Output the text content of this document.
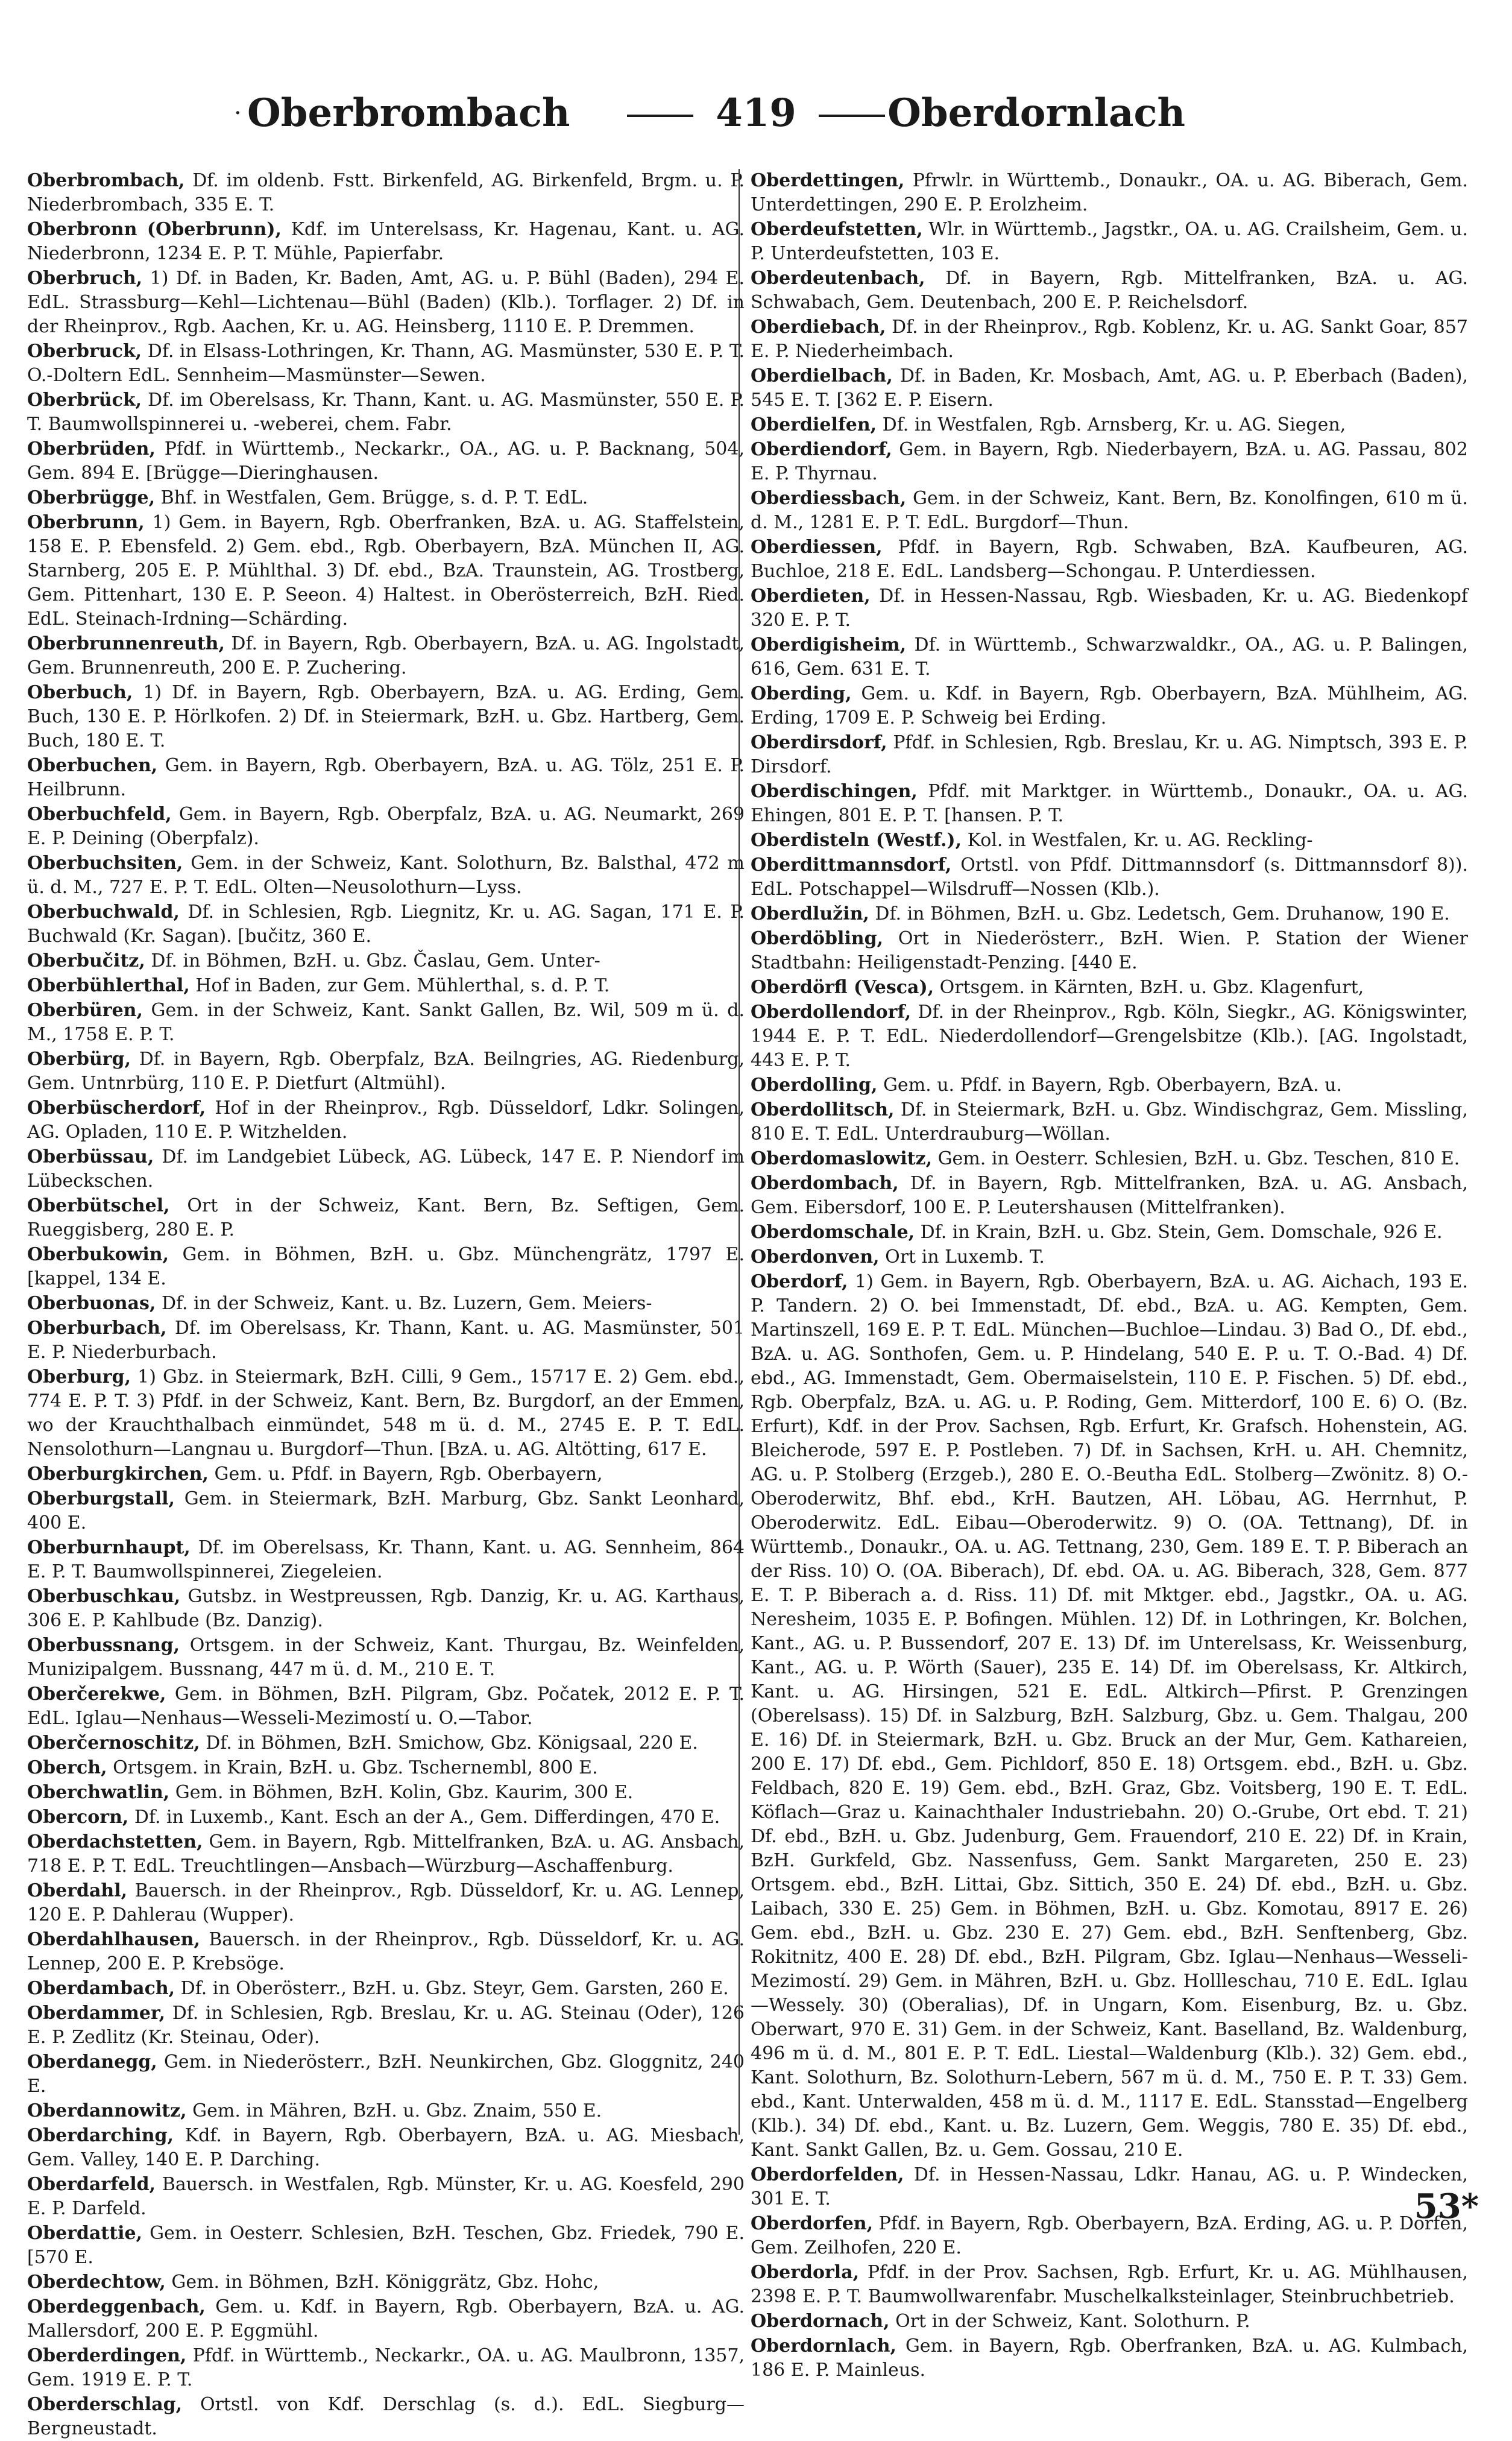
· Oberbrombach	419	Oberdornlach

Oberbrombach, Df. im oldenb. Fstt. Birkenfeld, AG. Birkenfeld, Brgm. u. P. Niederbrombach, 335 E. T.

Oberbronn (Oberbrunn), Kdf. im Unterelsass, Kr. Hagenau, Kant. u. AG. Niederbronn, 1234 E. P. T. Mühle, Papierfabr.

Oberbruch, 1) Df. in Baden, Kr. Baden, Amt, AG. u. P. Bühl (Baden), 294 E. EdL. Strassburg—Kehl—Lichtenau—Bühl (Baden) (Klb.). Torflager. 2) Df. in der Rheinprov., Rgb. Aachen, Kr. u. AG. Heinsberg, 1110 E. P. Dremmen.

Oberbruck, Df. in Elsass-Lothringen, Kr. Thann, AG. Masmünster, 530 E. P. T. O.-Doltern EdL. Sennheim—Masmünster—Sewen.

Oberbrück, Df. im Oberelsass, Kr. Thann, Kant. u. AG. Masmünster, 550 E. P. T. Baumwollspinnerei u. -weberei, chem. Fabr.

Oberbrüden, Pfdf. in Württemb., Neckarkr., OA., AG. u. P. Backnang, 504, Gem. 894 E. [Brügge—Dieringhausen.

Oberbrügge, Bhf. in Westfalen, Gem. Brügge, s. d. P. T. EdL.

Oberbrunn, 1) Gem. in Bayern, Rgb. Oberfranken, BzA. u. AG. Staffelstein, 158 E. P. Ebensfeld. 2) Gem. ebd., Rgb. Oberbayern, BzA. München II, AG. Starnberg, 205 E. P. Mühlthal. 3) Df. ebd., BzA. Traunstein, AG. Trostberg, Gem. Pittenhart, 130 E. P. Seeon. 4) Haltest. in Oberösterreich, BzH. Ried. EdL. Steinach-Irdning—Schärding.

Oberbrunnenreuth, Df. in Bayern, Rgb. Oberbayern, BzA. u. AG. Ingolstadt, Gem. Brunnenreuth, 200 E. P. Zuchering.

Oberbuch, 1) Df. in Bayern, Rgb. Oberbayern, BzA. u. AG. Erding, Gem. Buch, 130 E. P. Hörlkofen. 2) Df. in Steiermark, BzH. u. Gbz. Hartberg, Gem. Buch, 180 E. T.

Oberbuchen, Gem. in Bayern, Rgb. Oberbayern, BzA. u. AG. Tölz, 251 E. P. Heilbrunn.

Oberbuchfeld, Gem. in Bayern, Rgb. Oberpfalz, BzA. u. AG. Neumarkt, 269 E. P. Deining (Oberpfalz).

Oberbuchsiten, Gem. in der Schweiz, Kant. Solothurn, Bz. Balsthal, 472 m ü. d. M., 727 E. P. T. EdL. Olten—Neusolothurn—Lyss.

Oberbuchwald, Df. in Schlesien, Rgb. Liegnitz, Kr. u. AG. Sagan, 171 E. P. Buchwald (Kr. Sagan). [bučitz, 360 E.

Oberbučitz, Df. in Böhmen, BzH. u. Gbz. Časlau, Gem. Unter-

Oberbühlerthal, Hof in Baden, zur Gem. Mühlerthal, s. d. P. T.

Oberbüren, Gem. in der Schweiz, Kant. Sankt Gallen, Bz. Wil, 509 m ü. d. M., 1758 E. P. T.

Oberbürg, Df. in Bayern, Rgb. Oberpfalz, BzA. Beilngries, AG. Riedenburg, Gem. Untnrbürg, 110 E. P. Dietfurt (Altmühl).

Oberbüscherdorf, Hof in der Rheinprov., Rgb. Düsseldorf, Ldkr. Solingen, AG. Opladen, 110 E. P. Witzhelden.

Oberbüssau, Df. im Landgebiet Lübeck, AG. Lübeck, 147 E. P. Niendorf im Lübeckschen.

Oberbütschel, Ort in der Schweiz, Kant. Bern, Bz. Seftigen, Gem. Rueggisberg, 280 E. P.

Oberbukowin, Gem. in Böhmen, BzH. u. Gbz. Münchengrätz, 1797 E. [kappel, 134 E.

Oberbuonas, Df. in der Schweiz, Kant. u. Bz. Luzern, Gem. Meiers-

Oberburbach, Df. im Oberelsass, Kr. Thann, Kant. u. AG. Masmünster, 501 E. P. Niederburbach.

Oberburg, 1) Gbz. in Steiermark, BzH. Cilli, 9 Gem., 15717 E. 2) Gem. ebd., 774 E. P. T. 3) Pfdf. in der Schweiz, Kant. Bern, Bz. Burgdorf, an der Emmen, wo der Krauchthalbach einmündet, 548 m ü. d. M., 2745 E. P. T. EdL. Nensolothurn—Langnau u. Burgdorf—Thun. [BzA. u. AG. Altötting, 617 E.

Oberburgkirchen, Gem. u. Pfdf. in Bayern, Rgb. Oberbayern,

Oberburgstall, Gem. in Steiermark, BzH. Marburg, Gbz. Sankt Leonhard, 400 E.

Oberburnhaupt, Df. im Oberelsass, Kr. Thann, Kant. u. AG. Sennheim, 864 E. P. T. Baumwollspinnerei, Ziegeleien.

Oberbuschkau, Gutsbz. in Westpreussen, Rgb. Danzig, Kr. u. AG. Karthaus, 306 E. P. Kahlbude (Bz. Danzig).

Oberbussnang, Ortsgem. in der Schweiz, Kant. Thurgau, Bz. Weinfelden, Munizipalgem. Bussnang, 447 m ü. d. M., 210 E. T.

Oberčerekwe, Gem. in Böhmen, BzH. Pilgram, Gbz. Počatek, 2012 E. P. T. EdL. Iglau—Nenhaus—Wesseli-Mezimostí u. O.—Tabor.

Oberčernoschitz, Df. in Böhmen, BzH. Smichow, Gbz. Königsaal, 220 E.

Oberch, Ortsgem. in Krain, BzH. u. Gbz. Tschernembl, 800 E.

Oberchwatlin, Gem. in Böhmen, BzH. Kolin, Gbz. Kaurim, 300 E.

Obercorn, Df. in Luxemb., Kant. Esch an der A., Gem. Differdingen, 470 E.

Oberdachstetten, Gem. in Bayern, Rgb. Mittelfranken, BzA. u. AG. Ansbach, 718 E. P. T. EdL. Treuchtlingen—Ansbach—Würzburg—Aschaffenburg.

Oberdahl, Bauersch. in der Rheinprov., Rgb. Düsseldorf, Kr. u. AG. Lennep, 120 E. P. Dahlerau (Wupper).

Oberdahlhausen, Bauersch. in der Rheinprov., Rgb. Düsseldorf, Kr. u. AG. Lennep, 200 E. P. Krebsöge.

Oberdambach, Df. in Oberösterr., BzH. u. Gbz. Steyr, Gem. Garsten, 260 E.

Oberdammer, Df. in Schlesien, Rgb. Breslau, Kr. u. AG. Steinau (Oder), 126 E. P. Zedlitz (Kr. Steinau, Oder).

Oberdanegg, Gem. in Niederösterr., BzH. Neunkirchen, Gbz. Gloggnitz, 240 E.

Oberdannowitz, Gem. in Mähren, BzH. u. Gbz. Znaim, 550 E.

Oberdarching, Kdf. in Bayern, Rgb. Oberbayern, BzA. u. AG. Miesbach, Gem. Valley, 140 E. P. Darching.

Oberdarfeld, Bauersch. in Westfalen, Rgb. Münster, Kr. u. AG. Koesfeld, 290 E. P. Darfeld.

Oberdattie, Gem. in Oesterr. Schlesien, BzH. Teschen, Gbz. Friedek, 790 E. [570 E.

Oberdechtow, Gem. in Böhmen, BzH. Königgrätz, Gbz. Hohc,

Oberdeggenbach, Gem. u. Kdf. in Bayern, Rgb. Oberbayern, BzA. u. AG. Mallersdorf, 200 E. P. Eggmühl.

Oberderdingen, Pfdf. in Württemb., Neckarkr., OA. u. AG. Maulbronn, 1357, Gem. 1919 E. P. T.

Oberderschlag, Ortstl. von Kdf. Derschlag (s. d.). EdL. Siegburg—Bergneustadt.

Oberdettingen, Pfrwlr. in Württemb., Donaukr., OA. u. AG. Biberach, Gem. Unterdettingen, 290 E. P. Erolzheim.

Oberdeufstetten, Wlr. in Württemb., Jagstkr., OA. u. AG. Crailsheim, Gem. u. P. Unterdeufstetten, 103 E.

Oberdeutenbach, Df. in Bayern, Rgb. Mittelfranken, BzA. u. AG. Schwabach, Gem. Deutenbach, 200 E. P. Reichelsdorf.

Oberdiebach, Df. in der Rheinprov., Rgb. Koblenz, Kr. u. AG. Sankt Goar, 857 E. P. Niederheimbach.

Oberdielbach, Df. in Baden, Kr. Mosbach, Amt, AG. u. P. Eberbach (Baden), 545 E. T. [362 E. P. Eisern.

Oberdielfen, Df. in Westfalen, Rgb. Arnsberg, Kr. u. AG. Siegen,

Oberdiendorf, Gem. in Bayern, Rgb. Niederbayern, BzA. u. AG. Passau, 802 E. P. Thyrnau.

Oberdiessbach, Gem. in der Schweiz, Kant. Bern, Bz. Konolfingen, 610 m ü. d. M., 1281 E. P. T. EdL. Burgdorf—Thun.

Oberdiessen, Pfdf. in Bayern, Rgb. Schwaben, BzA. Kaufbeuren, AG. Buchloe, 218 E. EdL. Landsberg—Schongau. P. Unterdiessen.

Oberdieten, Df. in Hessen-Nassau, Rgb. Wiesbaden, Kr. u. AG. Biedenkopf 320 E. P. T.

Oberdigisheim, Df. in Württemb., Schwarzwaldkr., OA., AG. u. P. Balingen, 616, Gem. 631 E. T.

Oberding, Gem. u. Kdf. in Bayern, Rgb. Oberbayern, BzA. Mühlheim, AG. Erding, 1709 E. P. Schweig bei Erding.

Oberdirsdorf, Pfdf. in Schlesien, Rgb. Breslau, Kr. u. AG. Nimptsch, 393 E. P. Dirsdorf.

Oberdischingen, Pfdf. mit Marktger. in Württemb., Donaukr., OA. u. AG. Ehingen, 801 E. P. T. [hansen. P. T.

Oberdisteln (Westf.), Kol. in Westfalen, Kr. u. AG. Reckling-

Oberdittmannsdorf, Ortstl. von Pfdf. Dittmannsdorf (s. Dittmannsdorf 8)). EdL. Potschappel—Wilsdruff—Nossen (Klb.).

Oberdlužin, Df. in Böhmen, BzH. u. Gbz. Ledetsch, Gem. Druhanow, 190 E.

Oberdöbling, Ort in Niederösterr., BzH. Wien. P. Station der Wiener Stadtbahn: Heiligenstadt-Penzing. [440 E.

Oberdörfl (Vesca), Ortsgem. in Kärnten, BzH. u. Gbz. Klagenfurt,

Oberdollendorf, Df. in der Rheinprov., Rgb. Köln, Siegkr., AG. Königswinter, 1944 E. P. T. EdL. Niederdollendorf—Grengelsbitze (Klb.). [AG. Ingolstadt, 443 E. P. T.

Oberdolling, Gem. u. Pfdf. in Bayern, Rgb. Oberbayern, BzA. u.

Oberdollitsch, Df. in Steiermark, BzH. u. Gbz. Windischgraz, Gem. Missling, 810 E. T. EdL. Unterdrauburg—Wöllan.

Oberdomaslowitz, Gem. in Oesterr. Schlesien, BzH. u. Gbz. Teschen, 810 E.

Oberdombach, Df. in Bayern, Rgb. Mittelfranken, BzA. u. AG. Ansbach, Gem. Eibersdorf, 100 E. P. Leutershausen (Mittelfranken).

Oberdomschale, Df. in Krain, BzH. u. Gbz. Stein, Gem. Domschale, 926 E.

Oberdonven, Ort in Luxemb. T.

Oberdorf, 1) Gem. in Bayern, Rgb. Oberbayern, BzA. u. AG. Aichach, 193 E. P. Tandern. 2) O. bei Immenstadt, Df. ebd., BzA. u. AG. Kempten, Gem. Martinszell, 169 E. P. T. EdL. München—Buchloe—Lindau. 3) Bad O., Df. ebd., BzA. u. AG. Sonthofen, Gem. u. P. Hindelang, 540 E. P. u. T. O.-Bad. 4) Df. ebd., AG. Immenstadt, Gem. Obermaiselstein, 110 E. P. Fischen. 5) Df. ebd., Rgb. Oberpfalz, BzA. u. AG. u. P. Roding, Gem. Mitterdorf, 100 E. 6) O. (Bz. Erfurt), Kdf. in der Prov. Sachsen, Rgb. Erfurt, Kr. Grafsch. Hohenstein, AG. Bleicherode, 597 E. P. Postleben. 7) Df. in Sachsen, KrH. u. AH. Chemnitz, AG. u. P. Stolberg (Erzgeb.), 280 E. O.-Beutha EdL. Stolberg—Zwönitz. 8) O.-Oberoderwitz, Bhf. ebd., KrH. Bautzen, AH. Löbau, AG. Herrnhut, P. Oberoderwitz. EdL. Eibau—Oberoderwitz. 9) O. (OA. Tettnang), Df. in Württemb., Donaukr., OA. u. AG. Tettnang, 230, Gem. 189 E. T. P. Biberach an der Riss. 10) O. (OA. Biberach), Df. ebd. OA. u. AG. Biberach, 328, Gem. 877 E. T. P. Biberach a. d. Riss. 11) Df. mit Mktger. ebd., Jagstkr., OA. u. AG. Neresheim, 1035 E. P. Bofingen. Mühlen. 12) Df. in Lothringen, Kr. Bolchen, Kant., AG. u. P. Bussendorf, 207 E. 13) Df. im Unterelsass, Kr. Weissenburg, Kant., AG. u. P. Wörth (Sauer), 235 E. 14) Df. im Oberelsass, Kr. Altkirch, Kant. u. AG. Hirsingen, 521 E. EdL. Altkirch—Pfirst. P. Grenzingen (Oberelsass). 15) Df. in Salzburg, BzH. Salzburg, Gbz. u. Gem. Thalgau, 200 E. 16) Df. in Steiermark, BzH. u. Gbz. Bruck an der Mur, Gem. Kathareien, 200 E. 17) Df. ebd., Gem. Pichldorf, 850 E. 18) Ortsgem. ebd., BzH. u. Gbz. Feldbach, 820 E. 19) Gem. ebd., BzH. Graz, Gbz. Voitsberg, 190 E. T. EdL. Köflach—Graz u. Kainachthaler Industriebahn. 20) O.-Grube, Ort ebd. T. 21) Df. ebd., BzH. u. Gbz. Judenburg, Gem. Frauendorf, 210 E. 22) Df. in Krain, BzH. Gurkfeld, Gbz. Nassenfuss, Gem. Sankt Margareten, 250 E. 23) Ortsgem. ebd., BzH. Littai, Gbz. Sittich, 350 E. 24) Df. ebd., BzH. u. Gbz. Laibach, 330 E. 25) Gem. in Böhmen, BzH. u. Gbz. Komotau, 8917 E. 26) Gem. ebd., BzH. u. Gbz. 230 E. 27) Gem. ebd., BzH. Senftenberg, Gbz. Rokitnitz, 400 E. 28) Df. ebd., BzH. Pilgram, Gbz. Iglau—Nenhaus—Wesseli-Mezimostí. 29) Gem. in Mähren, BzH. u. Gbz. Hollleschau, 710 E. EdL. Iglau—Wessely. 30) (Oberalias), Df. in Ungarn, Kom. Eisenburg, Bz. u. Gbz. Oberwart, 970 E. 31) Gem. in der Schweiz, Kant. Baselland, Bz. Waldenburg, 496 m ü. d. M., 801 E. P. T. EdL. Liestal—Waldenburg (Klb.). 32) Gem. ebd., Kant. Solothurn, Bz. Solothurn-Lebern, 567 m ü. d. M., 750 E. P. T. 33) Gem. ebd., Kant. Unterwalden, 458 m ü. d. M., 1117 E. EdL. Stansstad—Engelberg (Klb.). 34) Df. ebd., Kant. u. Bz. Luzern, Gem. Weggis, 780 E. 35) Df. ebd., Kant. Sankt Gallen, Bz. u. Gem. Gossau, 210 E.

Oberdorfelden, Df. in Hessen-Nassau, Ldkr. Hanau, AG. u. P. Windecken, 301 E. T.

Oberdorfen, Pfdf. in Bayern, Rgb. Oberbayern, BzA. Erding, AG. u. P. Dorfen, Gem. Zeilhofen, 220 E.

Oberdorla, Pfdf. in der Prov. Sachsen, Rgb. Erfurt, Kr. u. AG. Mühlhausen, 2398 E. P. T. Baumwollwarenfabr. Muschelkalksteinlager, Steinbruchbetrieb.

Oberdornach, Ort in der Schweiz, Kant. Solothurn. P.

Oberdornlach, Gem. in Bayern, Rgb. Oberfranken, BzA. u. AG. Kulmbach, 186 E. P. Mainleus.

53*
